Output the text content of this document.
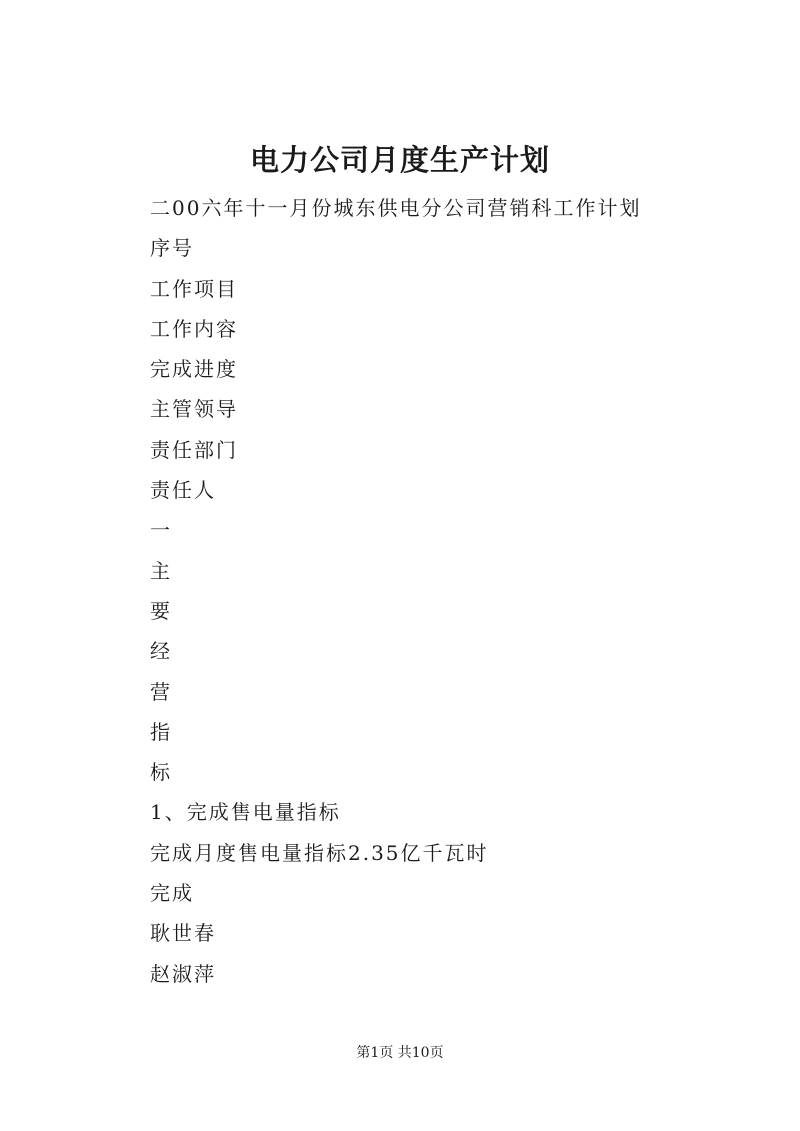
电力公司月度生产计划
二00六年十一月份城东供电分公司营销科工作计划
序号
工作项目
工作内容
完成进度
主管领导
责任部门
责任人
一
主
要
经
营
指
标
1、完成售电量指标
完成月度售电量指标2.35亿千瓦时
完成
耿世春
赵淑萍
第1页 共10页
